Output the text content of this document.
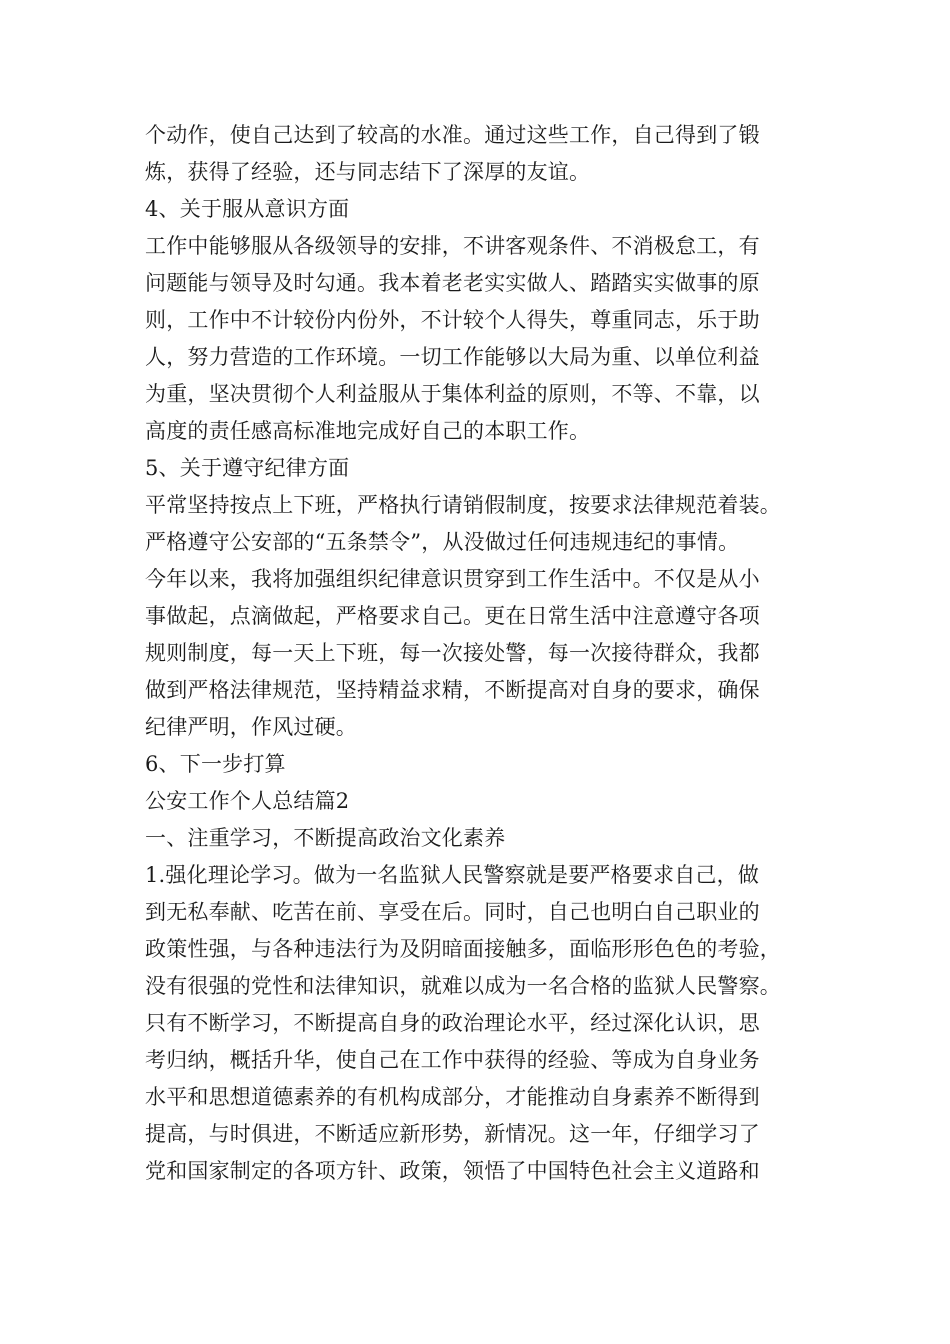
个动作，使自己达到了较高的水准。通过这些工作，自己得到了锻
炼，获得了经验，还与同志结下了深厚的友谊。
4、关于服从意识方面
工作中能够服从各级领导的安排，不讲客观条件、不消极怠工，有
问题能与领导及时勾通。我本着老老实实做人、踏踏实实做事的原
则，工作中不计较份内份外，不计较个人得失，尊重同志，乐于助
人，努力营造的工作环境。一切工作能够以大局为重、以单位利益
为重，坚决贯彻个人利益服从于集体利益的原则，不等、不靠，以
高度的责任感高标准地完成好自己的本职工作。
5、关于遵守纪律方面
平常坚持按点上下班，严格执行请销假制度，按要求法律规范着装。
严格遵守公安部的“五条禁令”，从没做过任何违规违纪的事情。
今年以来，我将加强组织纪律意识贯穿到工作生活中。不仅是从小
事做起，点滴做起，严格要求自己。更在日常生活中注意遵守各项
规则制度，每一天上下班，每一次接处警，每一次接待群众，我都
做到严格法律规范，坚持精益求精，不断提高对自身的要求，确保
纪律严明，作风过硬。
6、下一步打算
公安工作个人总结篇2
一、注重学习，不断提高政治文化素养
1.强化理论学习。做为一名监狱人民警察就是要严格要求自己，做
到无私奉献、吃苦在前、享受在后。同时，自己也明白自己职业的
政策性强，与各种违法行为及阴暗面接触多，面临形形色色的考验，
没有很强的党性和法律知识，就难以成为一名合格的监狱人民警察。
只有不断学习，不断提高自身的政治理论水平，经过深化认识，思
考归纳，概括升华，使自己在工作中获得的经验、等成为自身业务
水平和思想道德素养的有机构成部分，才能推动自身素养不断得到
提高，与时俱进，不断适应新形势，新情况。这一年，仔细学习了
党和国家制定的各项方针、政策，领悟了中国特色社会主义道路和
